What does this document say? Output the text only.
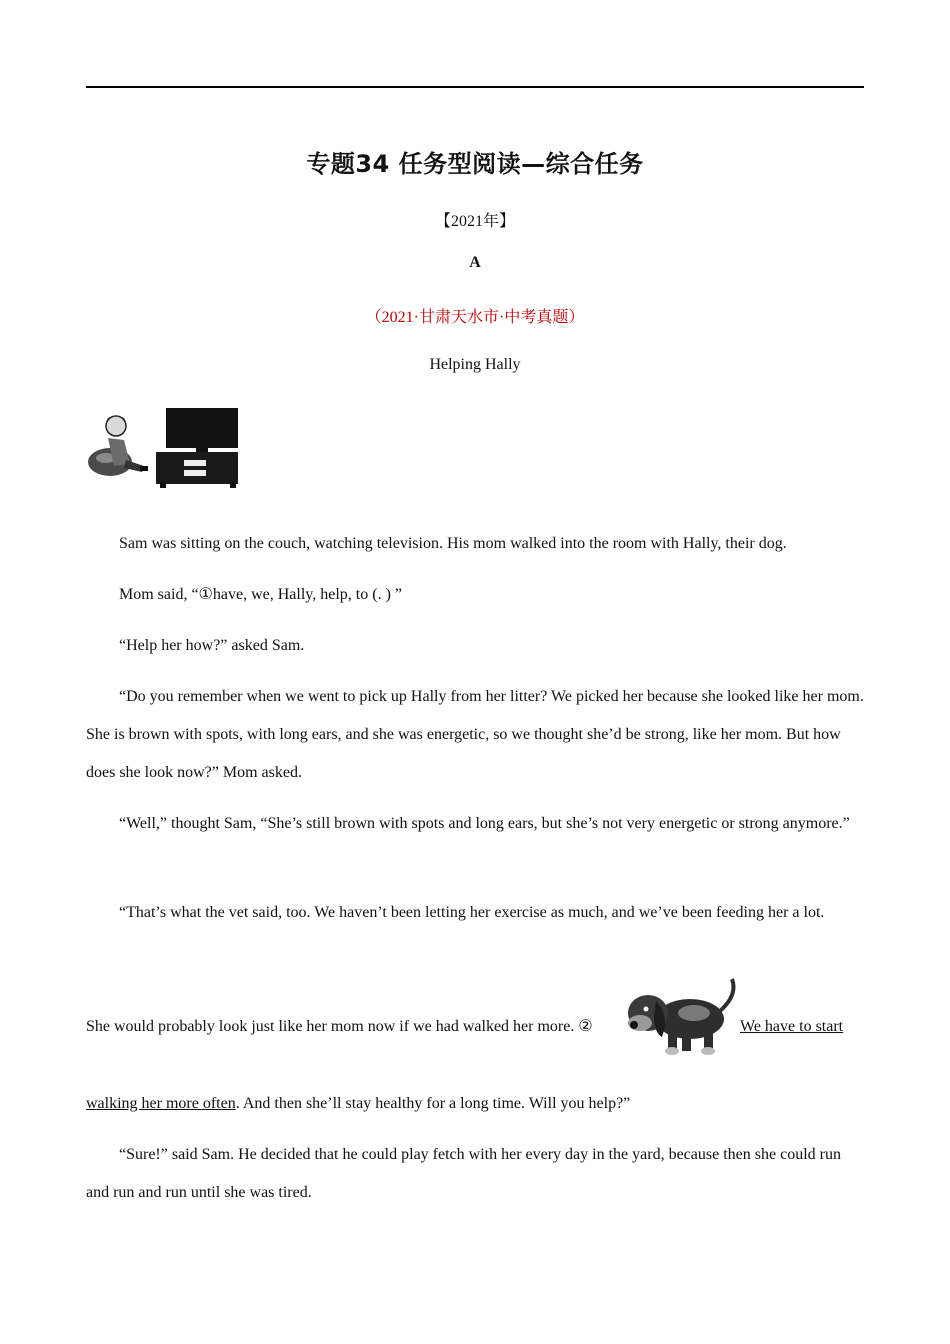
专题34 任务型阅读—综合任务
【2021年】
A
（2021·甘肃天水市·中考真题）
Helping Hally
Sam was sitting on the couch, watching television. His mom walked into the room with Hally, their dog.
Mom said, “①have, we, Hally, help, to (. ) ”
“Help her how?” asked Sam.
“Do you remember when we went to pick up Hally from her litter? We picked her because she looked like her mom. She is brown with spots, with long ears, and she was energetic, so we thought she’d be strong, like her mom. But how does she look now?” Mom asked.
“Well,” thought Sam, “She’s still brown with spots and long ears, but she’s not very energetic or strong anymore.”
“That’s what the vet said, too. We haven’t been letting her exercise as much, and we’ve been feeding her a lot.
She would probably look just like her mom now if we had walked her more. ②	We have to start
walking her more often. And then she’ll stay healthy for a long time. Will you help?”
“Sure!” said Sam. He decided that he could play fetch with her every day in the yard, because then she could run and run and run until she was tired.
